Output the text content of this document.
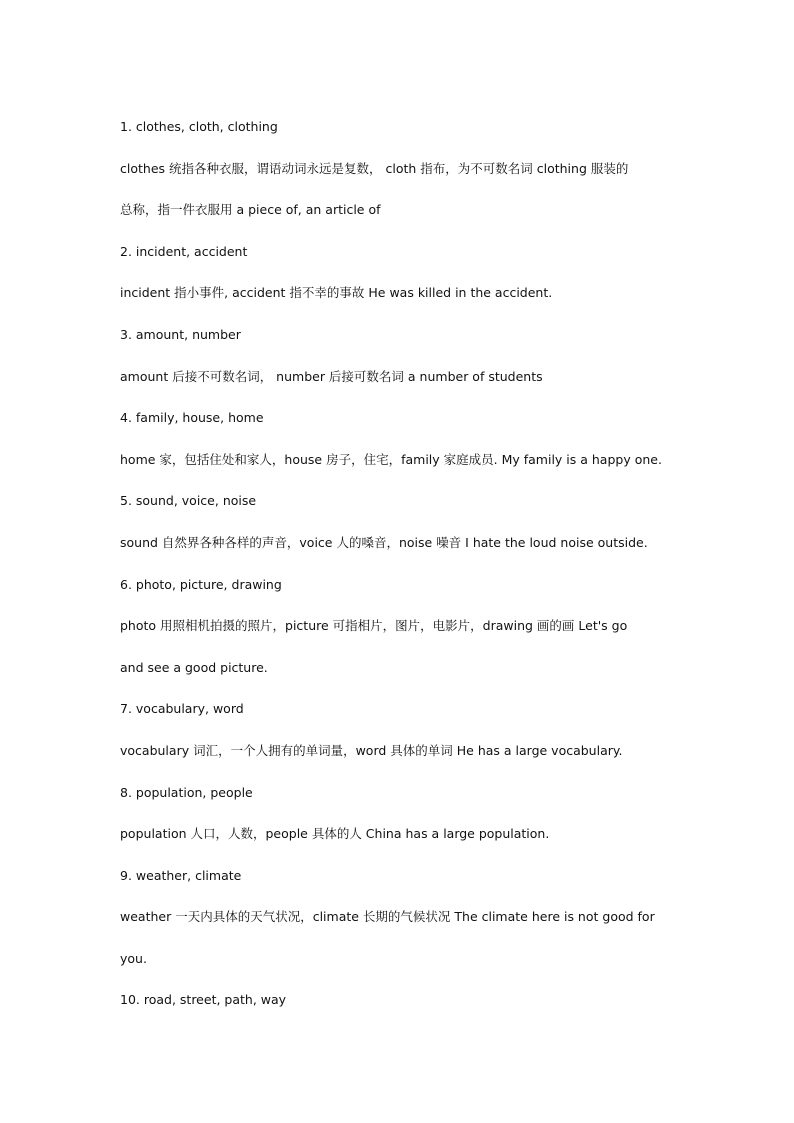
1. clothes, cloth, clothing
clothes 统指各种衣服，谓语动词永远是复数， cloth 指布，为不可数名词 clothing 服装的
总称，指一件衣服用 a piece of, an article of
2. incident, accident
incident 指小事件, accident 指不幸的事故 He was killed in the accident.
3. amount, number
amount 后接不可数名词， number 后接可数名词 a number of students
4. family, house, home
home 家，包括住处和家人，house 房子，住宅，family 家庭成员. My family is a happy one.
5. sound, voice, noise
sound 自然界各种各样的声音，voice 人的嗓音，noise 噪音 I hate the loud noise outside.
6. photo, picture, drawing
photo 用照相机拍摄的照片，picture 可指相片，图片，电影片，drawing 画的画 Let's go
and see a good picture.
7. vocabulary, word
vocabulary 词汇，一个人拥有的单词量，word 具体的单词 He has a large vocabulary.
8. population, people
population 人口，人数，people 具体的人 China has a large population.
9. weather, climate
weather 一天内具体的天气状况，climate 长期的气候状况 The climate here is not good for
you.
10. road, street, path, way
